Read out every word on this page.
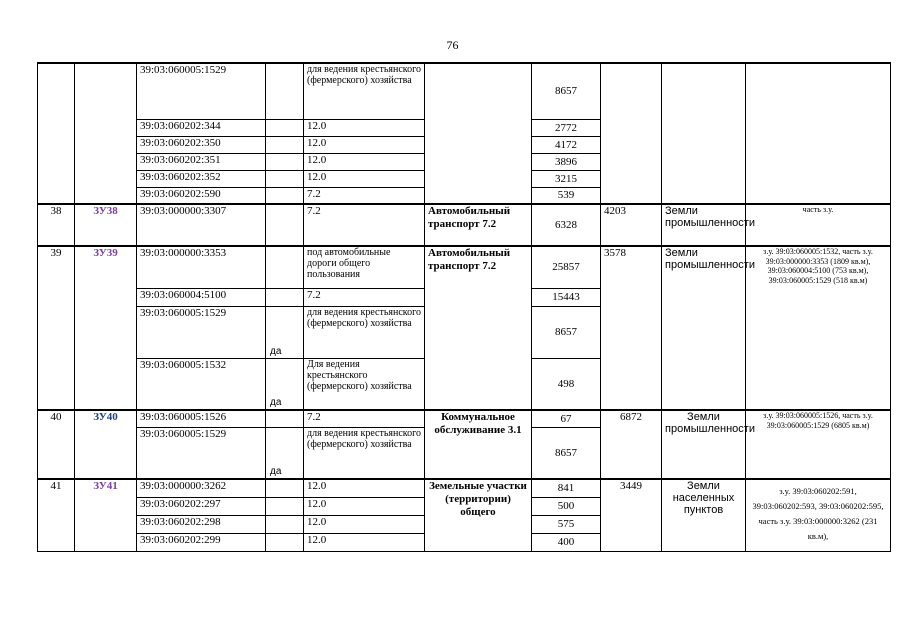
76
		39:03:060005:1529		для ведения крестьянского (фермерского) хозяйства		8657			
		39:03:060202:344		12.0		2772			
		39:03:060202:350		12.0		4172			
		39:03:060202:351		12.0		3896			
		39:03:060202:352		12.0		3215			
		39:03:060202:590		7.2		539			
38	ЗУ38	39:03:000000:3307		7.2	Автомобильный транспорт 7.2	6328	4203	Земли промышленности	часть з.у.
39	ЗУ39	39:03:000000:3353		под автомобильные дороги общего пользования	Автомобильный транспорт 7.2	25857	3578	Земли промышленности	з.у. 39:03:060005:1532, часть з.у. 39:03:000000:3353 (1809 кв.м), 39:03:060004:5100 (753 кв.м), 39:03:060005:1529 (518 кв.м)
		39:03:060004:5100		7.2		15443			
		39:03:060005:1529	да	для ведения крестьянского (фермерского) хозяйства		8657			
		39:03:060005:1532	да	Для ведения крестьянского (фермерского) хозяйства		498			
40	ЗУ40	39:03:060005:1526		7.2	Коммунальное обслуживание 3.1	67	6872	Земли промышленности	з.у. 39:03:060005:1526, часть з.у. 39:03:060005:1529 (6805 кв.м)
		39:03:060005:1529	да	для ведения крестьянского (фермерского) хозяйства		8657			
41	ЗУ41	39:03:000000:3262		12.0	Земельные участки (территории) общего	841	3449	Земли населенных пунктов	з.у. 39:03:060202:591, 39:03:060202:593, 39:03:060202:595, часть з.у. 39:03:000000:3262 (231 кв.м),
		39:03:060202:297		12.0		500			
		39:03:060202:298		12.0		575			
		39:03:060202:299		12.0		400			
